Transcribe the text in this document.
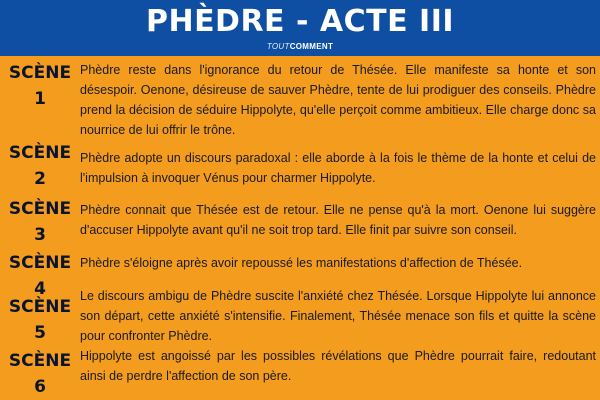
PHÈDRE - ACTE III
TOUTCOMMENT
SCÈNE
1
Phèdre reste dans l'ignorance du retour de Thésée. Elle manifeste sa honte et son désespoir. Oenone, désireuse de sauver Phèdre, tente de lui prodiguer des conseils. Phèdre prend la décision de séduire Hippolyte, qu'elle perçoit comme ambitieux. Elle charge donc sa nourrice de lui offrir le trône.
SCÈNE
2
Phèdre adopte un discours paradoxal : elle aborde à la fois le thème de la honte et celui de l'impulsion à invoquer Vénus pour charmer Hippolyte.
SCÈNE
3
Phèdre connait que Thésée est de retour. Elle ne pense qu'à la mort. Oenone lui suggère d'accuser Hippolyte avant qu'il ne soit trop tard. Elle finit par suivre son conseil.
SCÈNE
4
Phèdre s'éloigne après avoir repoussé les manifestations d'affection de Thésée.
SCÈNE
5
Le discours ambigu de Phèdre suscite l'anxiété chez Thésée. Lorsque Hippolyte lui annonce son départ, cette anxiété s'intensifie. Finalement, Thésée menace son fils et quitte la scène pour confronter Phèdre.
SCÈNE
6
Hippolyte est angoissé par les possibles révélations que Phèdre pourrait faire, redoutant ainsi de perdre l'affection de son père.
